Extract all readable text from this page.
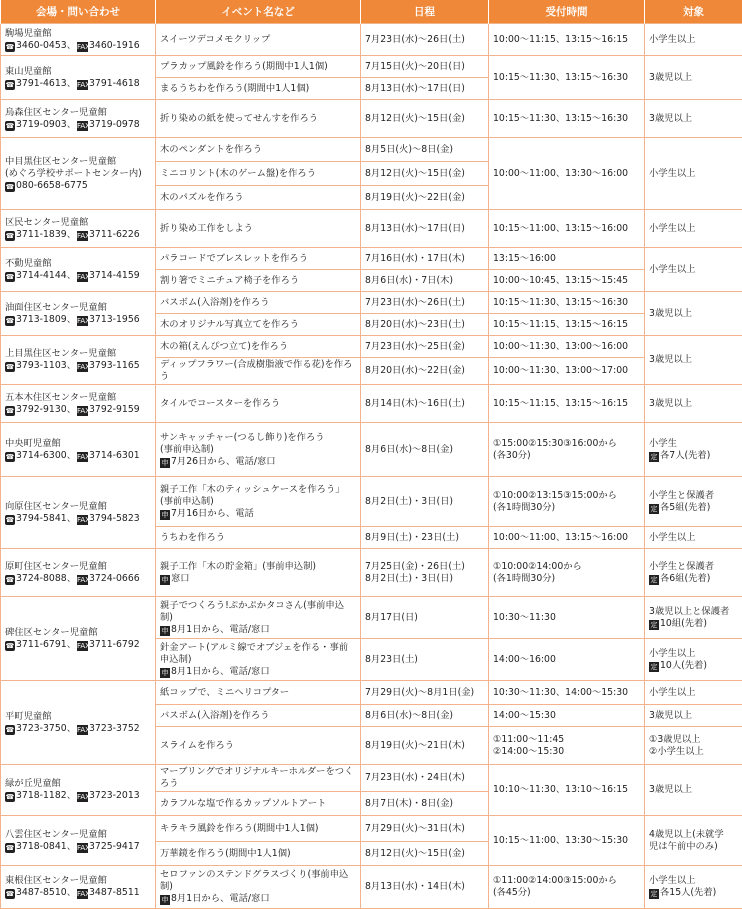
会場・問い合わせ	イベント名など	日程	受付時間	対象

駒場児童館
☎ 3460-0453、FAX3460-1916	スイーツデコメモクリップ	7月23日(水)～26日(土)	10:00～11:15、13:15～16:15	小学生以上

東山児童館
☎ 3791-4613、FAX3791-4618	プラカップ風鈴を作ろう(期間中1人1個)	7月15日(火)～20日(日)	10:15～11:30、13:15～16:30	3歳児以上

	まるうちわを作ろう(期間中1人1個)	8月13日(水)～17日(日)		

烏森住区センター児童館
☎ 3719-0903、FAX3719-0978	折り染めの紙を使ってせんすを作ろう	8月12日(火)～15日(金)	10:15～11:30、13:15～16:30	3歳児以上

中目黒住区センター児童館
(めぐろ学校サポートセンター内)
☎ 080-6658-6775	木のペンダントを作ろう	8月5日(火)～8日(金)	10:00～11:00、13:30～16:00	小学生以上

	ミニコリント(木のゲーム盤)を作ろう	8月12日(火)～15日(金)		

	木のパズルを作ろう	8月19日(火)～22日(金)		

区民センター児童館
☎ 3711-1839、FAX3711-6226	折り染め工作をしよう	8月13日(水)～17日(日)	10:15～11:00、13:15～16:00	小学生以上

不動児童館
☎ 3714-4144、FAX3714-4159	パラコードでブレスレットを作ろう	7月16日(水)・17日(木)	13:15～16:00	小学生以上

	割り箸でミニチュア椅子を作ろう	8月6日(水)・7日(木)	10:00～10:45、13:15～15:45	

油面住区センター児童館
☎ 3713-1809、FAX3713-1956	バスボム(入浴剤)を作ろう	7月23日(水)～26日(土)	10:15～11:30、13:15～16:30	3歳児以上

	木のオリジナル写真立てを作ろう	8月20日(水)～23日(土)	10:15～11:15、13:15～16:15	

上目黒住区センター児童館
☎ 3793-1103、FAX3793-1165	木の箱(えんぴつ立て)を作ろう	7月23日(水)～25日(金)	10:00～11:30、13:00～16:00	3歳児以上

	ディップフラワー(合成樹脂液で作る花)を作ろう	8月20日(水)～22日(金)	10:00～11:30、13:00～17:00	

五本木住区センター児童館
☎ 3792-9130、FAX3792-9159	タイルでコースターを作ろう	8月14日(木)～16日(土)	10:15～11:15、13:15～16:15	3歳児以上

中央町児童館
☎ 3714-6300、FAX3714-6301	サンキャッチャー(つるし飾り)を作ろう
(事前申込制)
申 7月26日から、電話/窓口	8月6日(水)～8日(金)	①15:00②15:30③16:00から
(各30分)	小学生
定 各7人(先着)

向原住区センター児童館
☎ 3794-5841、FAX3794-5823	親子工作「木のティッシュケースを作ろう」
(事前申込制)
申 7月16日から、電話	8月2日(土)・3日(日)	①10:00②13:15③15:00から
(各1時間30分)	小学生と保護者
定 各5組(先着)

	うちわを作ろう	8月9日(土)・23日(土)	10:00～11:00、13:15～16:00	小学生以上

原町住区センター児童館
☎ 3724-8088、FAX3724-0666	親子工作「木の貯金箱」(事前申込制)
申 窓口	7月25日(金)・26日(土)
8月2日(土)・3日(日)	①10:00②14:00から
(各1時間30分)	小学生と保護者
定 各6組(先着)

碑住区センター児童館
☎ 3711-6791、FAX3711-6792	親子でつくろう!ぷかぷかタコさん(事前申込制)
申 8月1日から、電話/窓口	8月17日(日)	10:30～11:30	3歳児以上と保護者
定 10組(先着)

	針金アート(アルミ線でオブジェを作る・事前申込制)
申 8月1日から、電話/窓口	8月23日(土)	14:00～16:00	小学生以上
定 10人(先着)

平町児童館
☎ 3723-3750、FAX3723-3752	紙コップで、ミニヘリコプター	7月29日(火)～8月1日(金)	10:30～11:30、14:00～15:30	小学生以上

	バスボム(入浴剤)を作ろう	8月6日(水)～8日(金)	14:00～15:30	3歳児以上

	スライムを作ろう	8月19日(火)～21日(木)	①11:00～11:45
②14:00～15:30	①3歳児以上
②小学生以上

緑が丘児童館
☎ 3718-1182、FAX3723-2013	マーブリングでオリジナルキーホルダーをつくろう	7月23日(水)・24日(木)	10:10～11:30、13:10～16:15	3歳児以上

	カラフルな塩で作るカップソルトアート	8月7日(木)・8日(金)		

八雲住区センター児童館
☎ 3718-0841、FAX3725-9417	キラキラ風鈴を作ろう(期間中1人1個)	7月29日(火)～31日(木)	10:15～11:00、13:30～15:30	4歳児以上(未就学
児は午前中のみ)

	万華鏡を作ろう(期間中1人1個)	8月12日(火)～15日(金)		

東根住区センター児童館
☎ 3487-8510、FAX3487-8511	セロファンのステンドグラスづくり(事前申込制)
申 8月1日から、電話/窓口	8月13日(水)・14日(木)	①11:00②14:00③15:00から
(各45分)	小学生以上
定 各15人(先着)
